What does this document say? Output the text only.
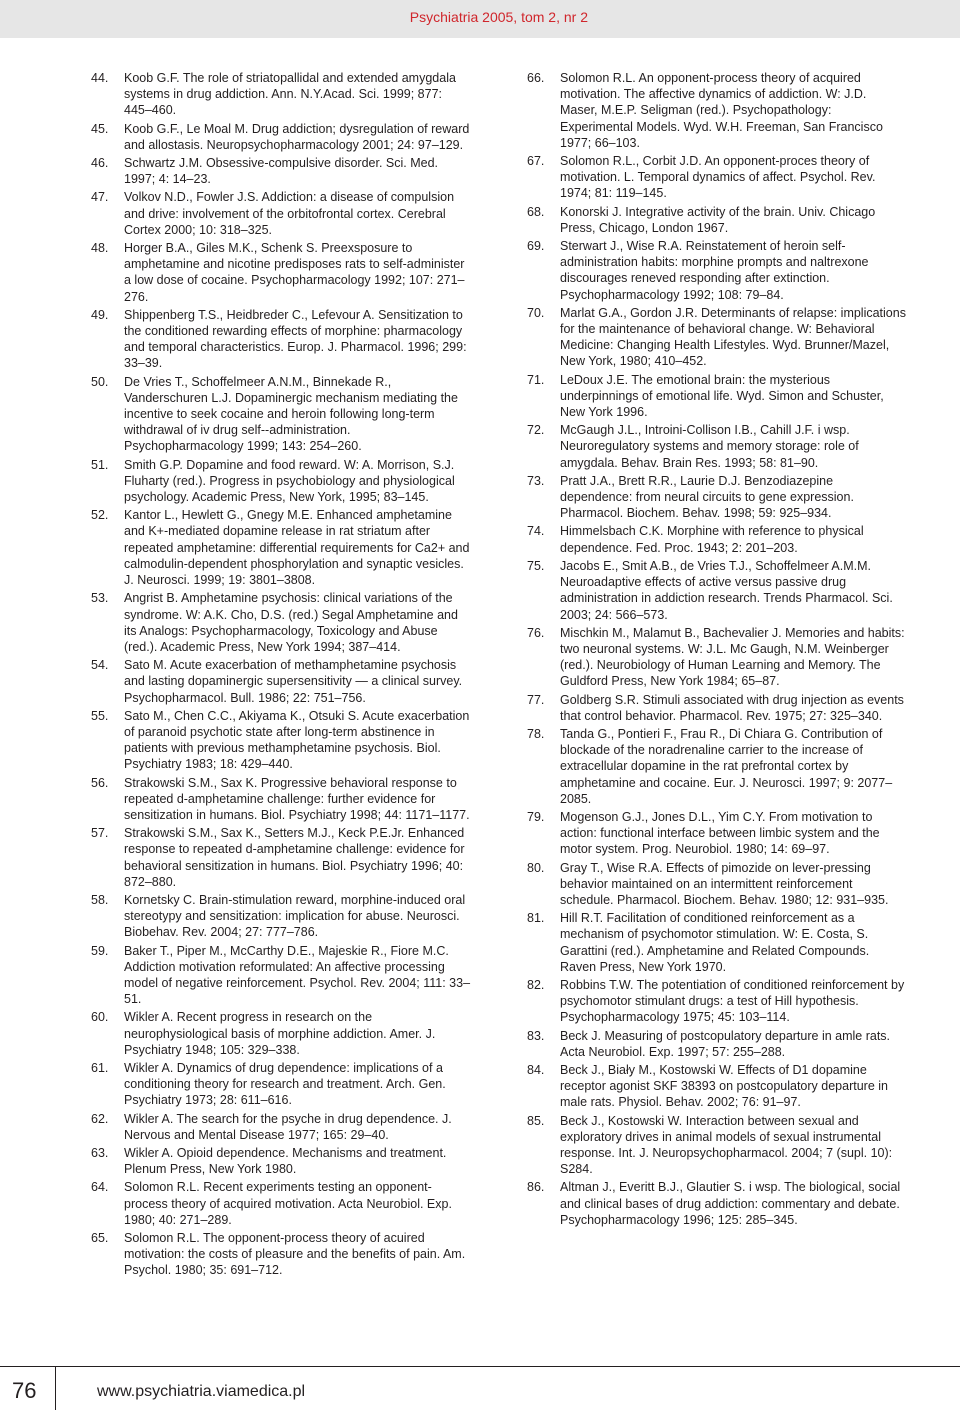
Psychiatria 2005, tom 2, nr 2
44.	Koob G.F. The role of striatopallidal and extended amygdala systems in drug addiction. Ann. N.Y.Acad. Sci. 1999; 877: 445–460.
45.	Koob G.F., Le Moal M. Drug addiction; dysregulation of reward and allostasis. Neuropsychopharmacology 2001; 24: 97–129.
46.	Schwartz J.M. Obsessive-compulsive disorder. Sci. Med. 1997; 4: 14–23.
47.	Volkov N.D., Fowler J.S. Addiction: a disease of compulsion and drive: involvement of the orbitofrontal cortex. Cerebral Cortex 2000; 10: 318–325.
48.	Horger B.A., Giles M.K., Schenk S. Preexsposure to amphetamine and nicotine predisposes rats to self-administer a low dose of cocaine. Psychopharmacology 1992; 107: 271–276.
49.	Shippenberg T.S., Heidbreder C., Lefevour A. Sensitization to the conditioned rewarding effects of morphine: pharmacology and temporal characteristics. Europ. J. Pharmacol. 1996; 299: 33–39.
50.	De Vries T., Schoffelmeer A.N.M., Binnekade R., Vanderschuren L.J. Dopaminergic mechanism mediating the incentive to seek cocaine and heroin following long-term withdrawal of iv drug self--administration. Psychopharmacology 1999; 143: 254–260.
51.	Smith G.P. Dopamine and food reward. W: A. Morrison, S.J. Fluharty (red.). Progress in psychobiology and physiological psychology. Academic Press, New York, 1995; 83–145.
52.	Kantor L., Hewlett G., Gnegy M.E. Enhanced amphetamine and K+-mediated dopamine release in rat striatum after repeated amphetamine: differential requirements for Ca2+ and calmodulin-dependent phosphorylation and synaptic vesicles. J. Neurosci. 1999; 19: 3801–3808.
53.	Angrist B. Amphetamine psychosis: clinical variations of the syndrome. W: A.K. Cho, D.S. (red.) Segal Amphetamine and its Analogs: Psychopharmacology, Toxicology and Abuse (red.). Academic Press, New York 1994; 387–414.
54.	Sato M. Acute exacerbation of methamphetamine psychosis and lasting dopaminergic supersensitivity — a clinical survey. Psychopharmacol. Bull. 1986; 22: 751–756.
55.	Sato M., Chen C.C., Akiyama K., Otsuki S. Acute exacerbation of paranoid psychotic state after long-term abstinence in patients with previous methamphetamine psychosis. Biol. Psychiatry 1983; 18: 429–440.
56.	Strakowski S.M., Sax K. Progressive behavioral response to repeated d-amphetamine challenge: further evidence for sensitization in humans. Biol. Psychiatry 1998; 44: 1171–1177.
57.	Strakowski S.M., Sax K., Setters M.J., Keck P.E.Jr. Enhanced response to repeated d-amphetamine challenge: evidence for behavioral sensitization in humans. Biol. Psychiatry 1996; 40: 872–880.
58.	Kornetsky C. Brain-stimulation reward, morphine-induced oral stereotypy and sensitization: implication for abuse. Neurosci. Biobehav. Rev. 2004; 27: 777–786.
59.	Baker T., Piper M., McCarthy D.E., Majeskie R., Fiore M.C. Addiction motivation reformulated: An affective processing model of negative reinforcement. Psychol. Rev. 2004; 111: 33–51.
60.	Wikler A. Recent progress in research on the neurophysiological basis of morphine addiction. Amer. J. Psychiatry 1948; 105: 329–338.
61.	Wikler A. Dynamics of drug dependence: implications of a conditioning theory for research and treatment. Arch. Gen. Psychiatry 1973; 28: 611–616.
62.	Wikler A. The search for the psyche in drug dependence. J. Nervous and Mental Disease 1977; 165: 29–40.
63.	Wikler A. Opioid dependence. Mechanisms and treatment. Plenum Press, New York 1980.
64.	Solomon R.L. Recent experiments testing an opponent-process theory of acquired motivation. Acta Neurobiol. Exp. 1980; 40: 271–289.
65.	Solomon R.L. The opponent-process theory of acuired motivation: the costs of pleasure and the benefits of pain. Am. Psychol. 1980; 35: 691–712.
66.	Solomon R.L. An opponent-process theory of acquired motivation. The affective dynamics of addiction. W: J.D. Maser, M.E.P. Seligman (red.). Psychopathology: Experimental Models. Wyd. W.H. Freeman, San Francisco 1977; 66–103.
67.	Solomon R.L., Corbit J.D. An opponent-proces theory of motivation. L. Temporal dynamics of affect. Psychol. Rev. 1974; 81: 119–145.
68.	Konorski J. Integrative activity of the brain. Univ. Chicago Press, Chicago, London 1967.
69.	Sterwart J., Wise R.A. Reinstatement of heroin self-administration habits: morphine prompts and naltrexone discourages reneved responding after extinction. Psychopharmacology 1992; 108: 79–84.
70.	Marlat G.A., Gordon J.R. Determinants of relapse: implications for the maintenance of behavioral change. W: Behavioral Medicine: Changing Health Lifestyles. Wyd. Brunner/Mazel, New York, 1980; 410–452.
71.	LeDoux J.E. The emotional brain: the mysterious underpinnings of emotional life. Wyd. Simon and Schuster, New York 1996.
72.	McGaugh J.L., Introini-Collison I.B., Cahill J.F. i wsp. Neuroregulatory systems and memory storage: role of amygdala. Behav. Brain Res. 1993; 58: 81–90.
73.	Pratt J.A., Brett R.R., Laurie D.J. Benzodiazepine dependence: from neural circuits to gene expression. Pharmacol. Biochem. Behav. 1998; 59: 925–934.
74.	Himmelsbach C.K. Morphine with reference to physical dependence. Fed. Proc. 1943; 2: 201–203.
75.	Jacobs E., Smit A.B., de Vries T.J., Schoffelmeer A.M.M. Neuroadaptive effects of active versus passive drug administration in addiction research. Trends Pharmacol. Sci. 2003; 24: 566–573.
76.	Mischkin M., Malamut B., Bachevalier J. Memories and habits: two neuronal systems. W: J.L. Mc Gaugh, N.M. Weinberger (red.). Neurobiology of Human Learning and Memory. The Guldford Press, New York 1984; 65–87.
77.	Goldberg S.R. Stimuli associated with drug injection as events that control behavior. Pharmacol. Rev. 1975; 27: 325–340.
78.	Tanda G., Pontieri F., Frau R., Di Chiara G. Contribution of blockade of the noradrenaline carrier to the increase of extracellular dopamine in the rat prefrontal cortex by amphetamine and cocaine. Eur. J. Neurosci. 1997; 9: 2077–2085.
79.	Mogenson G.J., Jones D.L., Yim C.Y. From motivation to action: functional interface between limbic system and the motor system. Prog. Neurobiol. 1980; 14: 69–97.
80.	Gray T., Wise R.A. Effects of pimozide on lever-pressing behavior maintained on an intermittent reinforcement schedule. Pharmacol. Biochem. Behav. 1980; 12: 931–935.
81.	Hill R.T. Facilitation of conditioned reinforcement as a mechanism of psychomotor stimulation. W: E. Costa, S. Garattini (red.). Amphetamine and Related Compounds. Raven Press, New York 1970.
82.	Robbins T.W. The potentiation of conditioned reinforcement by psychomotor stimulant drugs: a test of Hill hypothesis. Psychopharmacology 1975; 45: 103–114.
83.	Beck J. Measuring of postcopulatory departure in amle rats. Acta Neurobiol. Exp. 1997; 57: 255–288.
84.	Beck J., Biały M., Kostowski W. Effects of D1 dopamine receptor agonist SKF 38393 on postcopulatory departure in male rats. Physiol. Behav. 2002; 76: 91–97.
85.	Beck J., Kostowski W. Interaction between sexual and exploratory drives in animal models of sexual instrumental response. Int. J. Neuropsychopharmacol. 2004; 7 (supl. 10): S284.
86.	Altman J., Everitt B.J., Glautier S. i wsp. The biological, social and clinical bases of drug addiction: commentary and debate. Psychopharmacology 1996; 125: 285–345.
76	www.psychiatria.viamedica.pl
